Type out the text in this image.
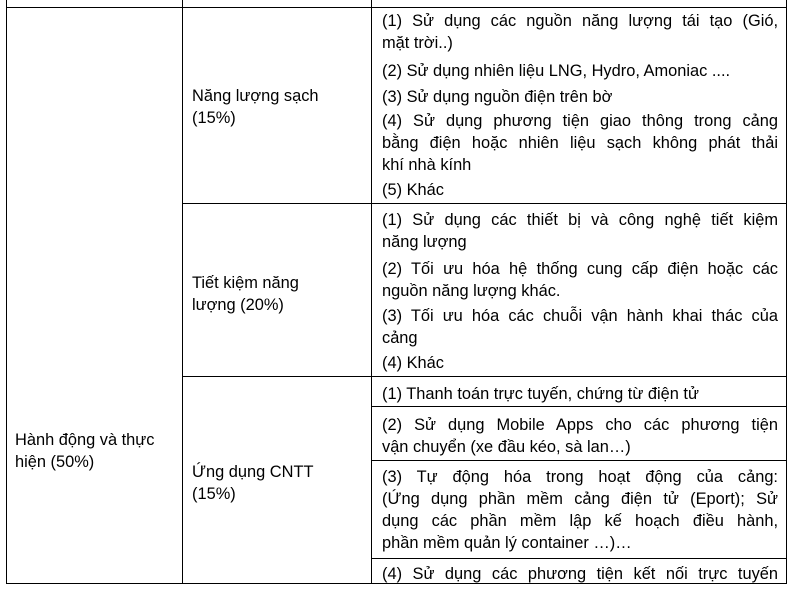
Hành động và thực
hiện (50%)
Năng lượng sạch
(15%)
Tiết kiệm năng
lượng (20%)
Ứng dụng CNTT
(15%)
(1) Sử dụng các nguồn năng lượng tái tạo (Gió,
mặt trời..)
(2) Sử dụng nhiên liệu LNG, Hydro, Amoniac ....
(3) Sử dụng nguồn điện trên bờ
(4) Sử dụng phương tiện giao thông trong cảng
bằng điện hoặc nhiên liệu sạch không phát thải
khí nhà kính
(5) Khác
(1) Sử dụng các thiết bị và công nghệ tiết kiệm
năng lượng
(2) Tối ưu hóa hệ thống cung cấp điện hoặc các
nguồn năng lượng khác.
(3) Tối ưu hóa các chuỗi vận hành khai thác của
cảng
(4) Khác
(1) Thanh toán trực tuyến, chứng từ điện tử
(2) Sử dụng Mobile Apps cho các phương tiện
vận chuyển (xe đầu kéo, sà lan…)
(3) Tự động hóa trong hoạt động của cảng:
(Ứng dụng phần mềm cảng điện tử (Eport); Sử
dụng các phần mềm lập kế hoạch điều hành,
phần mềm quản lý container …)…
(4) Sử dụng các phương tiện kết nối trực tuyến
